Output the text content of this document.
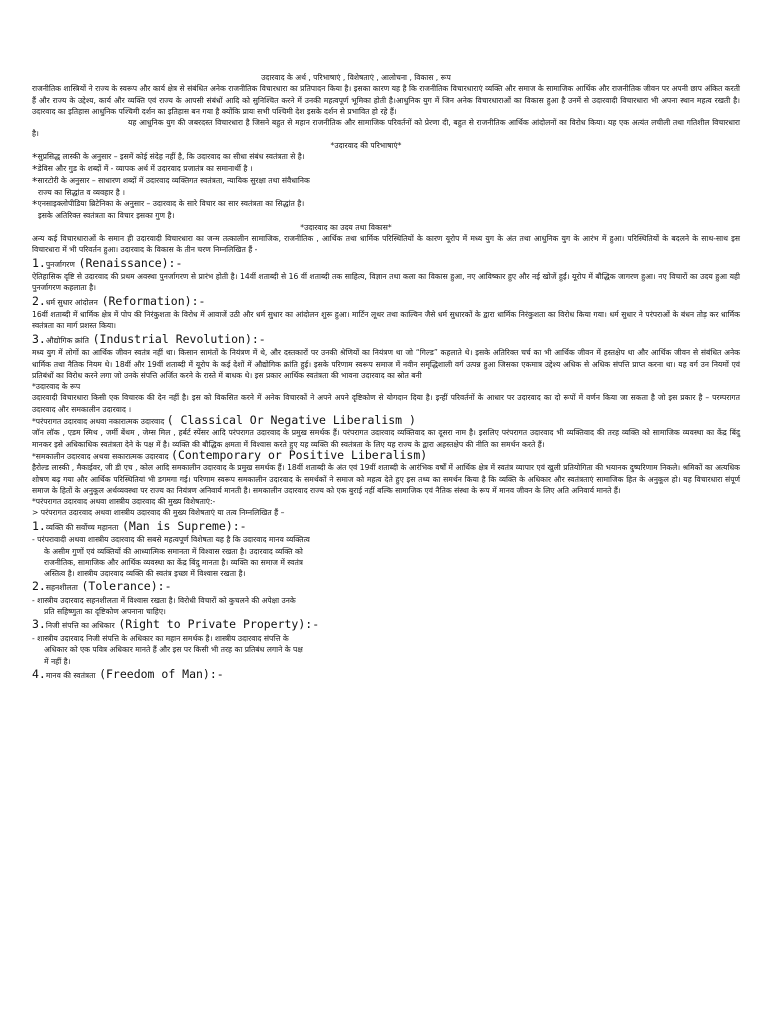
उदारवाद के अर्थ , परिभाषाएं , विशेषताएं , आलोचना , विकास , रूप
राजनीतिक शास्त्रियों ने राज्य के स्वरूप और कार्य क्षेत्र से संबंधित अनेक राजनीतिक विचारधारा का प्रतिपादन किया है। इसका कारण यह है कि राजनीतिक विचारधाराएं व्यक्ति और समाज के सामाजिक आर्थिक और राजनीतिक जीवन पर अपनी छाप अंकित करती हैं और राज्य के उद्देश्य, कार्य और व्यक्ति एवं राज्य के आपसी संबंधों आदि को सुनिश्चित करने में उनकी महत्वपूर्ण भूमिका होती है।आधुनिक युग में जिन अनेक विचारधाराओं का विकास हुआ है उनमें से उदारवादी विचारधारा भी अपना स्थान महत्व रखती है। उदारवाद का इतिहास आधुनिक पश्चिमी दर्शन का इतिहास बन गया है क्योंकि प्रायः सभी पश्चिमी देश इसके दर्शन से प्रभावित हो रहे हैं।
यह आधुनिक युग की जबरदस्त विचारधारा है जिसने बहुत से महान राजनीतिक और सामाजिक परिवर्तनों को प्रेरणा दी, बहुत से राजनीतिक आर्थिक आंदोलनों का विरोध किया। यह एक अत्यंत लचीली तथा गतिशील विचारधारा है।
*उदारवाद की परिभाषाएं*
*सुप्रसिद्ध लास्की के अनुसार – इसमें कोई संदेह नहीं है, कि उदारवाद का सीधा संबंध स्वतंत्रता से है।
*डेविस और गुड के शब्दों में - व्यापक अर्थ में उदारवाद प्रजातंत्र का समानार्थी है ।
*सारटोरी के अनुसार – साधारण शब्दों में उदारवाद व्यक्तिगत स्वतंत्रता, न्यायिक सुरक्षा तथा संवैधानिक
राज्य का सिद्धांत व व्यवहार है ।
*एनसाइक्लोपीडिया ब्रिटेनिका के अनुसार – उदारवाद के सारे विचार का सार स्वतंत्रता का सिद्धांत है।
इसके अतिरिक्त स्वतंत्रता का विचार इसका गुण है।
*उदारवाद का उदय तथा विकास*
अन्य कई विचारधाराओं के समान ही उदारवादी विचारधारा का जन्म तत्कालीन सामाजिक, राजनीतिक , आर्थिक तथा धार्मिक परिस्थितियों के कारण यूरोप में मध्य युग के अंत तथा आधुनिक युग के आरंभ में हुआ। परिस्थितियों के बदलने के साथ-साथ इस विचारधारा में भी परिवर्तन हुआ। उदारवाद के विकास के तीन चरण निम्नलिखित हैं -
1.पुनर्जागरण (Renaissance):-
ऐतिहासिक दृष्टि से उदारवाद की प्रथम अवस्था पुनर्जागरण से प्रारंभ होती है। 14वीं शताब्दी से 16 वीं शताब्दी तक साहित्य, विज्ञान तथा कला का विकास हुआ, नए आविष्कार हुए और नई खोजें हुईं। यूरोप में बौद्धिक जागरण हुआ। नए विचारों का उदय हुआ यही पुनर्जागरण कहलाता है।
2.धर्म सुधार आंदोलन (Reformation):-
16वीं शताब्दी में धार्मिक क्षेत्र में पोप की निरंकुशता के विरोध में आवाजें उठी और धर्म सुधार का आंदोलन शुरू हुआ। मार्टिन लूथर तथा काल्विन जैसे धर्म सुधारकों के द्वारा धार्मिक निरंकुशता का विरोध किया गया। धर्म सुधार ने परंपराओं के बंधन तोड़ कर धार्मिक स्वतंत्रता का मार्ग प्रशस्त किया।
3.औद्योगिक क्रांति (Industrial Revolution):-
मध्य युग में लोगों का आर्थिक जीवन स्वतंत्र नहीं था। किसान सामंतों के नियंत्रण में थे, और दस्तकारों पर उनकी श्रेणियों का नियंत्रण था जो “गिल्ड” कहलाते थे। इसके अतिरिक्त चर्च का भी आर्थिक जीवन में हस्तक्षेप था और आर्थिक जीवन से संबंधित अनेक धार्मिक तथा नैतिक नियम थे। 18वीं और 19वीं शताब्दी में यूरोप के कई देशों में औद्योगिक क्रांति हुई। इसके परिणाम स्वरूप समाज में नवीन समृद्धिशाली वर्ग उत्पन्न हुआ जिसका एकमात्र उद्देश्य अधिक से अधिक संपत्ति प्राप्त करना था। यह वर्ग उन नियमों एवं प्रतिबंधों का विरोध करने लगा जो उनके संपत्ति अर्जित करने के रास्ते में बाधक थे। इस प्रकार आर्थिक स्वतंत्रता की भावना उदारवाद का स्रोत बनी
*उदारवाद के रूप
उदारवादी विचारधारा किसी एक विचारक की देन नहीं है। इस को विकसित करने में अनेक विचारकों ने अपने अपने दृष्टिकोण से योगदान दिया है। इन्हीं परिवर्तनों के आधार पर उदारवाद का दो रूपों में वर्णन किया जा सकता है जो इस प्रकार है – परम्परागत उदारवाद और समकालीन उदारवाद ।
*परंपरागत उदारवाद अथवा नकारात्मक उदारवाद ( Classical Or Negative Liberalism )
जॉन लॉक , एडम स्मिथ , जर्मी बेंथम , जेम्स मिल , हर्बर्ट स्पेंसर आदि परंपरागत उदारवाद के प्रमुख समर्थक हैं। परंपरागत उदारवाद व्यक्तिवाद का दूसरा नाम है। इसलिए परंपरागत उदारवाद भी व्यक्तिवाद की तरह व्यक्ति को सामाजिक व्यवस्था का केंद्र बिंदु मानकर इसे अधिकाधिक स्वतंत्रता देने के पक्ष में है। व्यक्ति की बौद्धिक क्षमता में विश्वास करते हुए यह व्यक्ति की स्वतंत्रता के लिए यह राज्य के द्वारा अहस्तक्षेप की नीति का समर्थन करते हैं।
*समकालीन उदारवाद अथवा सकारात्मक उदारवाद (Contemporary or Positive Liberalism)
हैरोल्ड लास्की , मैकाईवर, जी डी एच , कोल आदि समकालीन उदारवाद के प्रमुख समर्थक हैं। 18वीं शताब्दी के अंत एवं 19वीं शताब्दी के आरंभिक वर्षों में आर्थिक क्षेत्र में स्वतंत्र व्यापार एवं खुली प्रतियोगिता की भयानक दुष्परिणाम निकले। श्रमिकों का अत्यधिक शोषण बढ़ गया और आर्थिक परिस्थितियां भी डगमगा गई। परिणाम स्वरूप समकालीन उदारवाद के समर्थकों ने समाज को महत्व देते हुए इस तथ्य का समर्थन किया है कि व्यक्ति के अधिकार और स्वतंत्रताएं सामाजिक हित के अनुकूल हो। यह विचारधारा संपूर्ण समाज के हितों के अनुकूल अर्थव्यवस्था पर राज्य का नियंत्रण अनिवार्य मानती है। समकालीन उदारवाद राज्य को एक बुराई नहीं बल्कि सामाजिक एवं नैतिक संस्था के रूप में मानव जीवन के लिए अति अनिवार्य मानते हैं।
*परंपरागत उदारवाद अथवा शास्त्रीय उदारवाद की मुख्य विशेषताएं:-
> परंपरागत उदारवाद अथवा शास्त्रीय उदारवाद की मुख्य विशेषताएं या तत्व निम्नलिखित हैं –
1.व्यक्ति की सर्वोच्च महानता (Man is Supreme):-
- परंपरावादी अथवा शास्त्रीय उदारवाद की सबसे महत्वपूर्ण विशेषता यह है कि उदारवाद मानव व्यक्तित्व
के असीम गुणों एवं व्यक्तियों की आध्यात्मिक समानता में विश्वास रखता है। उदारवाद व्यक्ति को
राजनीतिक, सामाजिक और आर्थिक व्यवस्था का केंद्र बिंदु मानता है। व्यक्ति का समाज में स्वतंत्र
अस्तित्व है। शास्त्रीय उदारवाद व्यक्ति की स्वतंत्र इच्छा में विश्वास रखता है।
2.सहनशीलता (Tolerance):-
- शास्त्रीय उदारवाद सहनशीलता में विश्वास रखता है। विरोधी विचारों को कुचलने की अपेक्षा उनके
प्रति सहिष्णुता का दृष्टिकोण अपनाना चाहिए।
3.निजी संपत्ति का अधिकार (Right to Private Property):-
- शास्त्रीय उदारवाद निजी संपत्ति के अधिकार का महान समर्थक है। शास्त्रीय उदारवाद संपत्ति के
अधिकार को एक पवित्र अधिकार मानते हैं और इस पर किसी भी तरह का प्रतिबंध लगाने के पक्ष
में नहीं है।
4.मानव की स्वतंत्रता (Freedom of Man):-
